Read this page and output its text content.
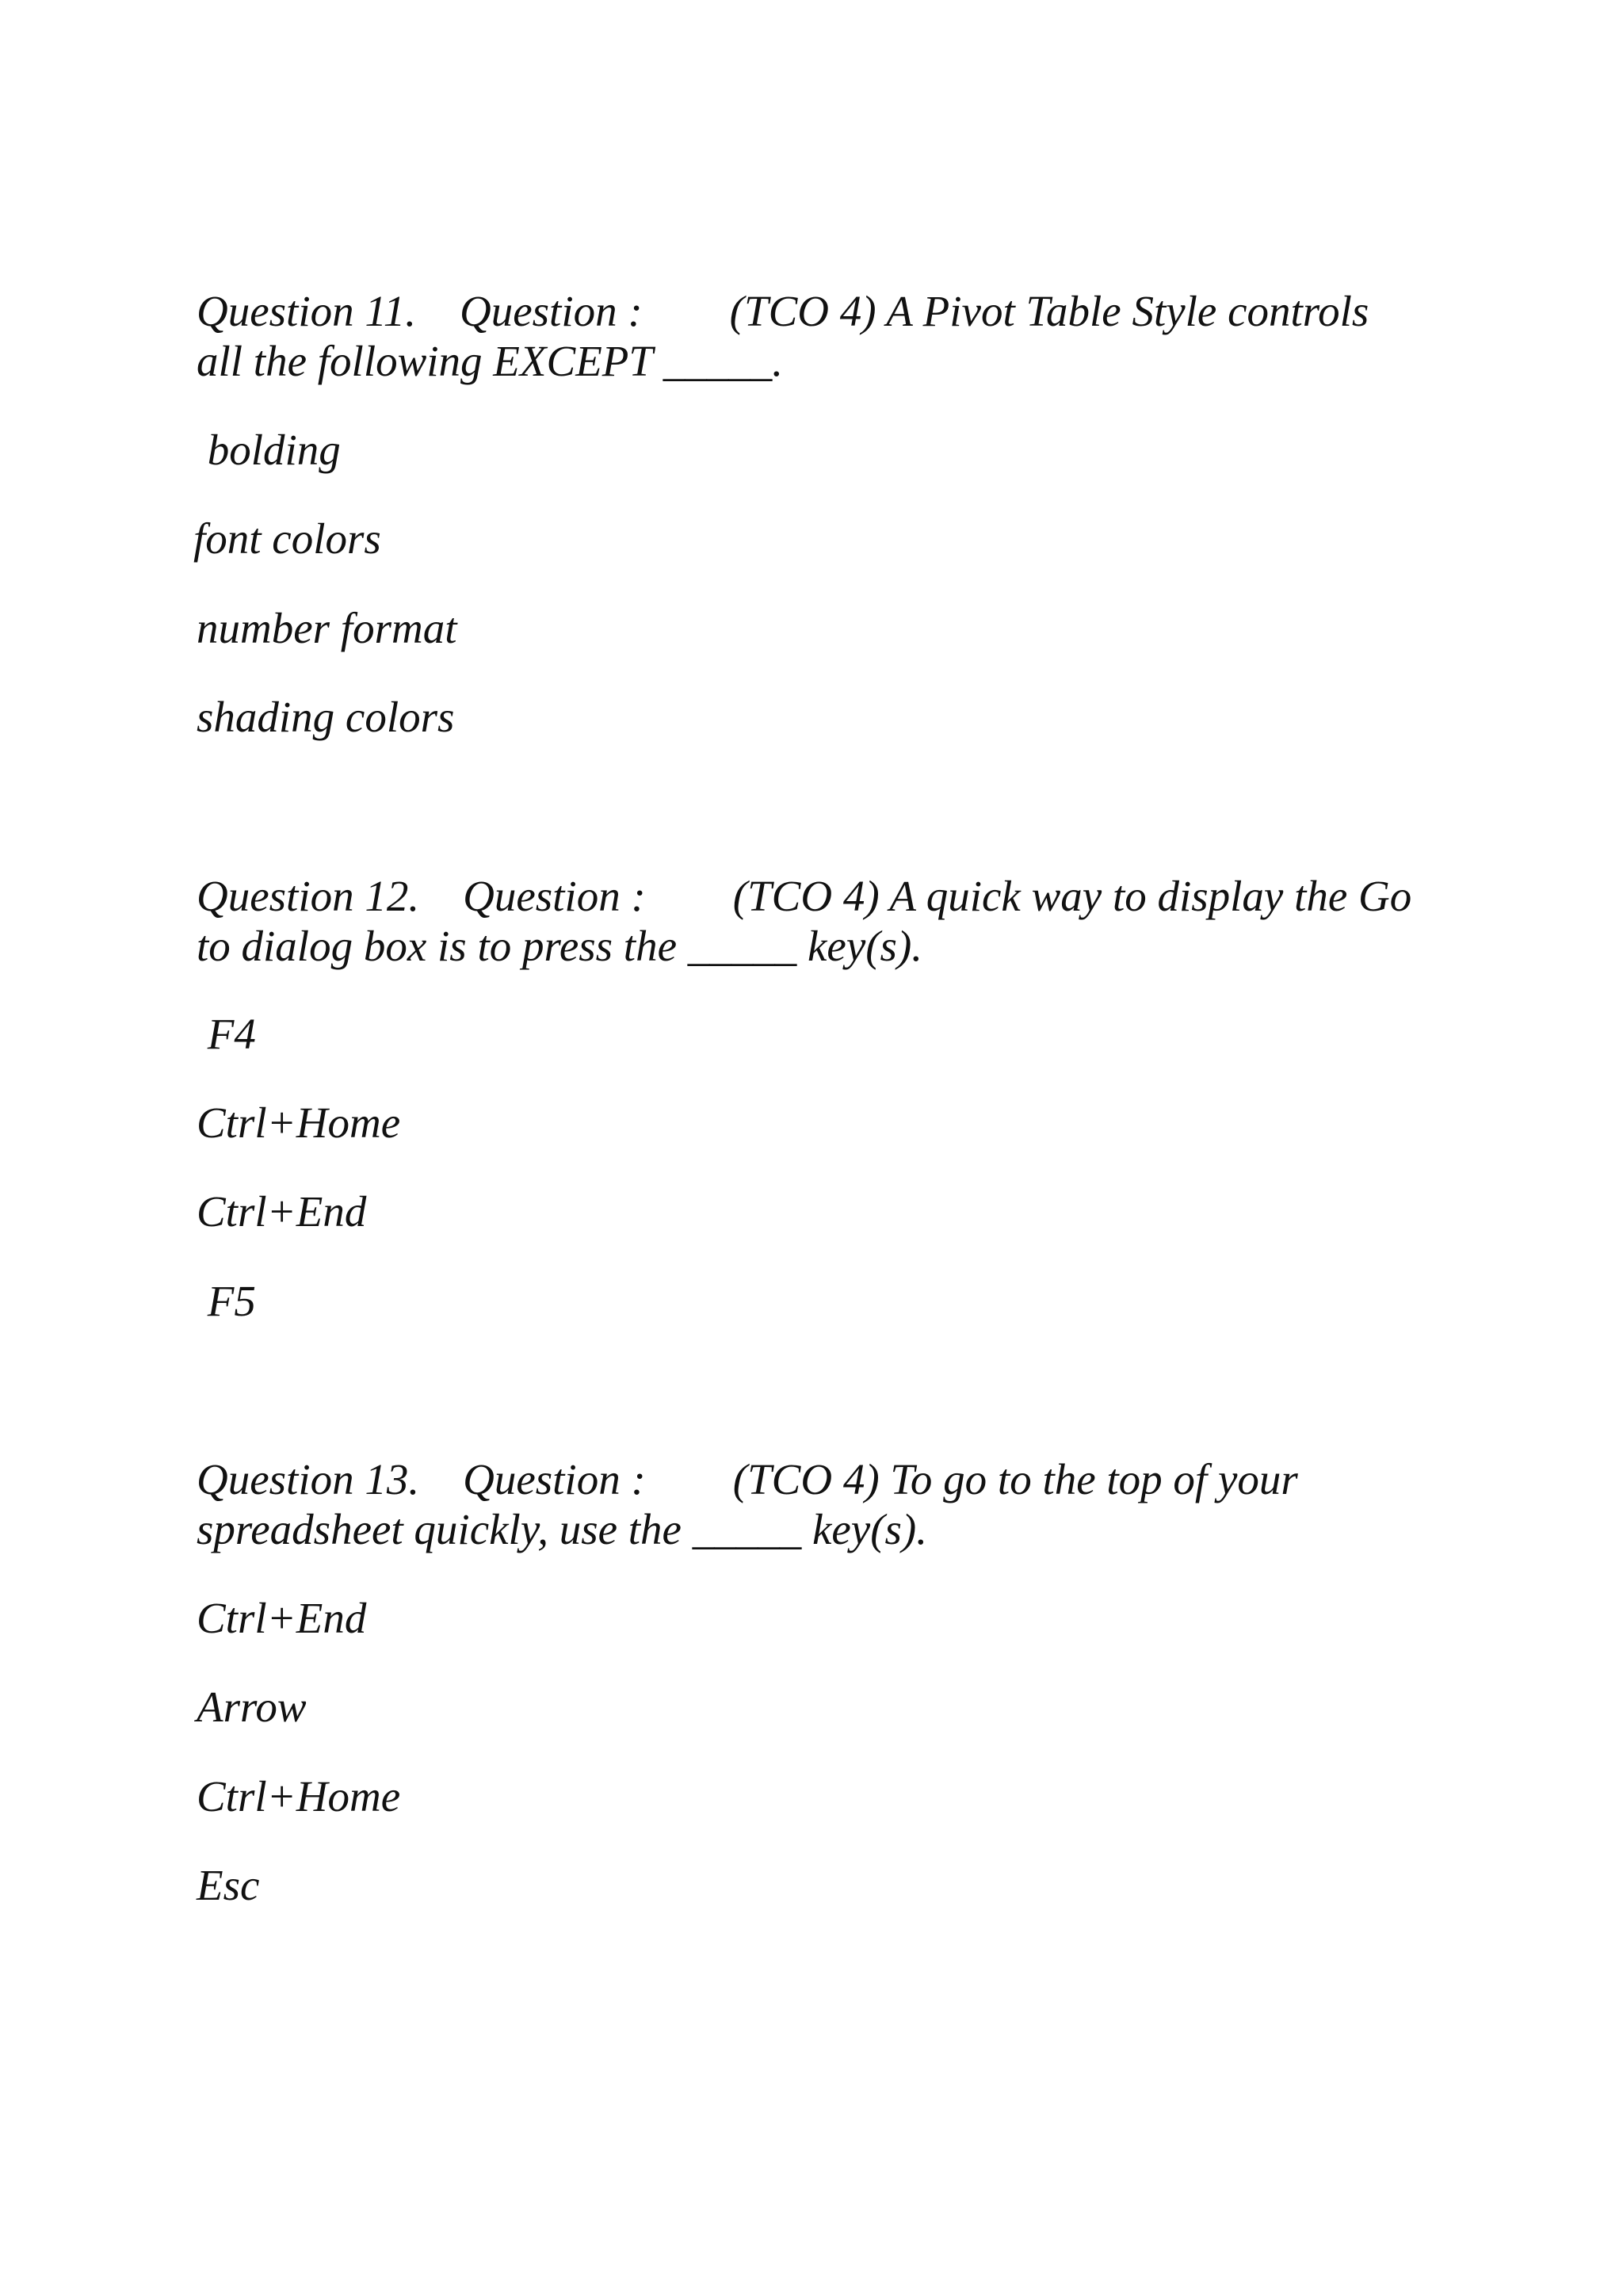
Question 11.    Question :        (TCO 4) A Pivot Table Style controls
all the following EXCEPT _____.
bolding
font colors
number format
shading colors
Question 12.    Question :        (TCO 4) A quick way to display the Go
to dialog box is to press the _____ key(s).
F4
Ctrl+Home
Ctrl+End
F5
Question 13.    Question :        (TCO 4) To go to the top of your
spreadsheet quickly, use the _____ key(s).
Ctrl+End
Arrow
Ctrl+Home
Esc
